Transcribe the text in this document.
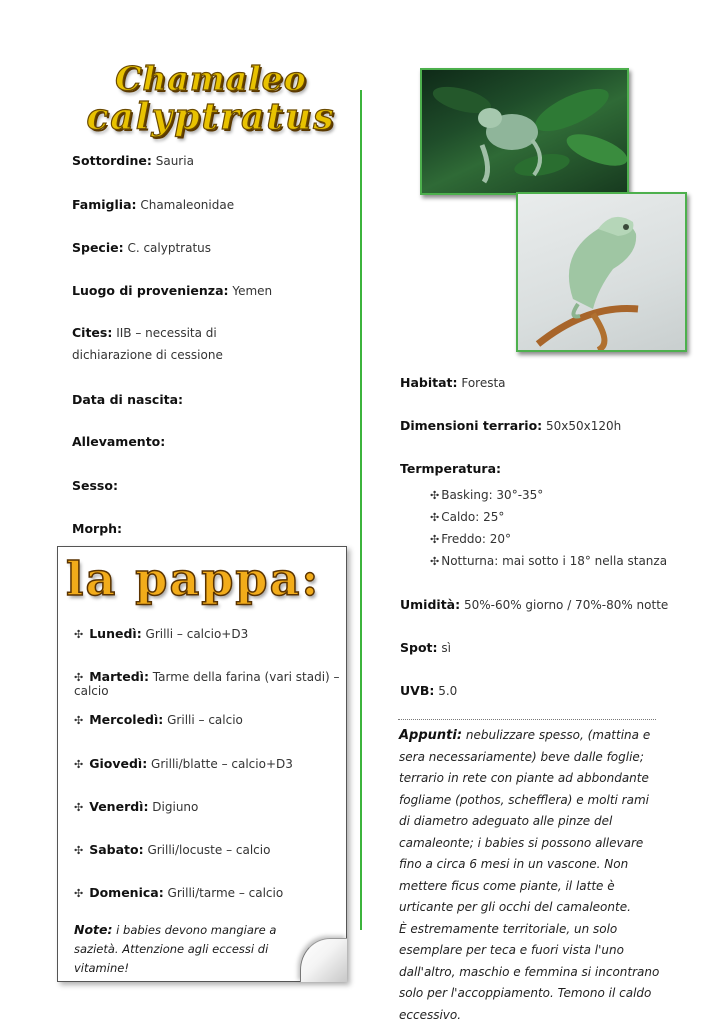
Chamaleo
calyptratus
Sottordine: Sauria
Famiglia: Chamaleonidae
Specie: C. calyptratus
Luogo di provenienza: Yemen
Cites: IIB – necessita di dichiarazione di cessione
Data di nascita:
Allevamento:
Sesso:
Morph:
Habitat: Foresta
Dimensioni terrario: 50x50x120h
Termperatura:
✣ Basking: 30°-35°
✣ Caldo: 25°
✣ Freddo: 20°
✣ Notturna: mai sotto i 18° nella stanza
Umidità: 50%-60% giorno / 70%-80% notte
Spot: sì
UVB: 5.0
Appunti: nebulizzare spesso, (mattina e sera necessariamente) beve dalle foglie; terrario in rete con piante ad abbondante fogliame (pothos, schefflera) e molti rami di diametro adeguato alle pinze del camaleonte; i babies si possono allevare fino a circa 6 mesi in un vascone. Non mettere ficus come piante, il latte è urticante per gli occhi del camaleonte.
È estremamente territoriale, un solo esemplare per teca e fuori vista l'uno dall'altro, maschio e femmina si incontrano solo per l'accoppiamento. Temono il caldo eccessivo.
la pappa:
✣ Lunedì: Grilli – calcio+D3
✣ Martedì: Tarme della farina (vari stadi) – calcio
✣ Mercoledì: Grilli – calcio
✣ Giovedì: Grilli/blatte – calcio+D3
✣ Venerdì: Digiuno
✣ Sabato: Grilli/locuste – calcio
✣ Domenica: Grilli/tarme – calcio
Note: i babies devono mangiare a sazietà. Attenzione agli eccessi di vitamine!
